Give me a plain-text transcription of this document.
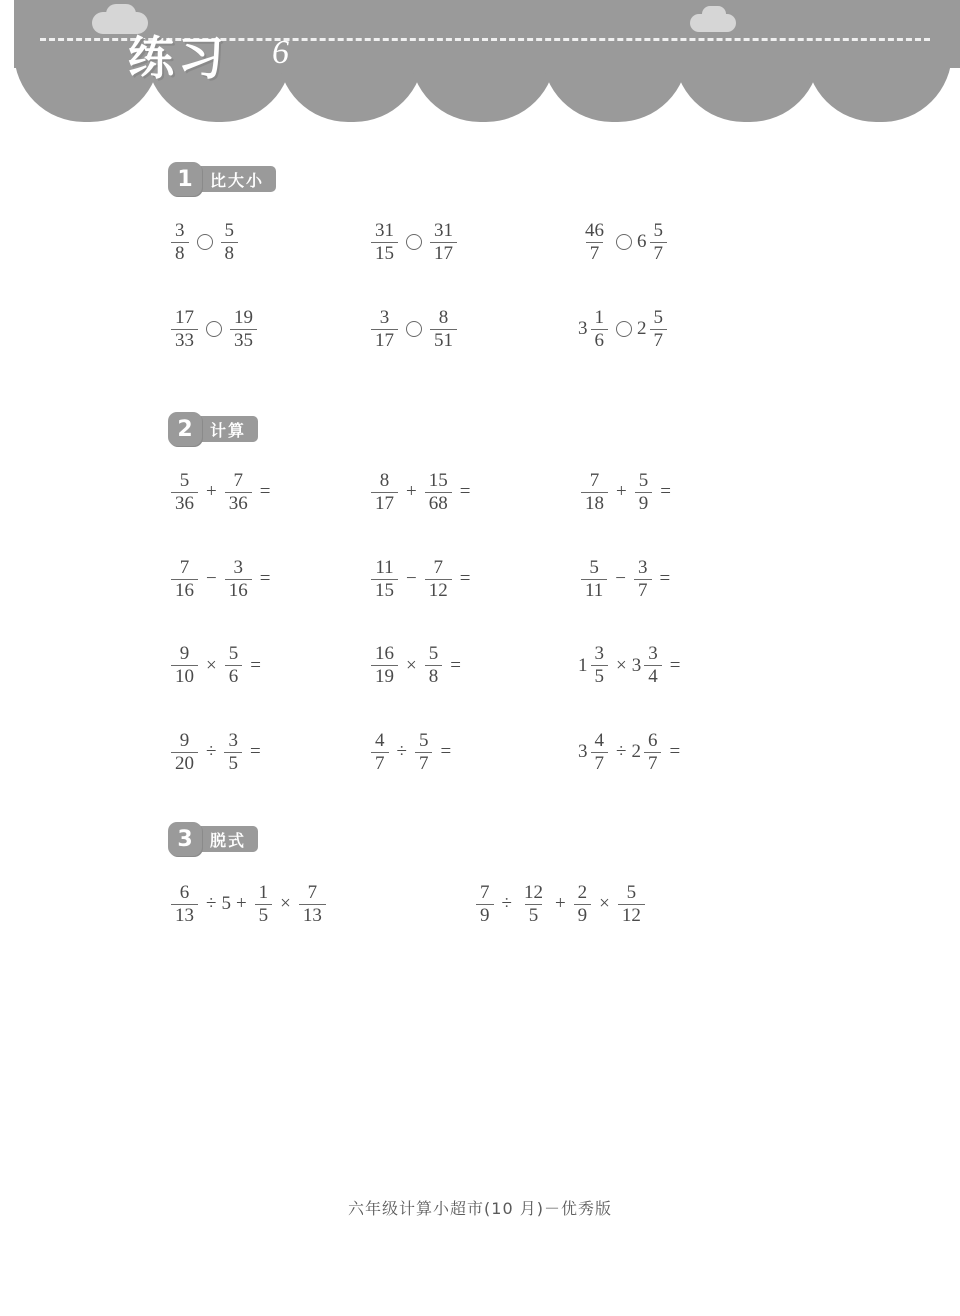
练习 6
1	比大小
$\frac{3}{8} \frac{5}{8}$	$\frac{31}{15} \frac{31}{17}$	$\frac{46}{7} 6 \frac{5}{7}$
$\frac{17}{33} \frac{19}{35}$	$\frac{3}{17} \frac{8}{51}$	$3 \frac{1}{6} 2 \frac{5}{7}$
2	计算
$\frac{5}{36} + \frac{7}{36}$ =	$\frac{8}{17} + \frac{15}{68}$ =	$\frac{7}{18} + \frac{5}{9}$ =
$\frac{7}{16} - \frac{3}{16}$ =	$\frac{11}{15} - \frac{7}{12}$ =	$\frac{5}{11} - \frac{3}{7}$ =
$\frac{9}{10} \times \frac{5}{6}$ =	$\frac{16}{19} \times \frac{5}{8}$ =	$1 \frac{3}{5} \times 3 \frac{3}{4}$ =
$\frac{9}{20} \div \frac{3}{5}$ =	$\frac{4}{7} \div \frac{5}{7}$ =	$3 \frac{4}{7} \div 2 \frac{6}{7}$ =
3	脱式
$\frac{6}{13} \div 5 + \frac{1}{5} \times \frac{7}{13}$	$\frac{7}{9} \div \frac{12}{5} + \frac{2}{9} \times \frac{5}{12}$
六年级计算小超市(10 月)－优秀版
